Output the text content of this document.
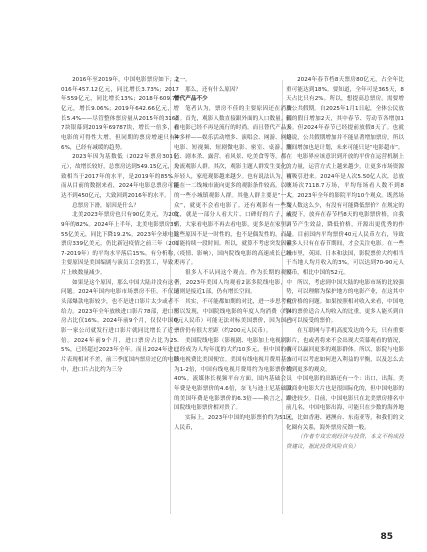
2016年至2019年，中国电影票房如下：2016年457.12亿元，同比增长3.73%；2017年559亿元，同比增长13%；2018年609.76亿元，增长9.06%；2019年642.66亿元，增长5.4%——尽管整体票房量从2015年的31627块银幕到2019年69787块，增长一倍多，看电影的可得性大增，但同期的票房增速只有46%，已经有减缓的趋势。

2023年因为基数低（2022年票房301亿元），故增长较好，总票房达到549.15亿元，大致相当于2017年的水平，是2019年的85%。而从目前的数据来看，2024年电影总票房可能达不到450亿元，大致回到2016年的水平。

总票房下滑，原因是什么？

北美2023年票房也只有90亿美元，为2019年的82%。2024年上半年，北美电影票房35.55亿美元，同比下降19.2%。2023年全球电影票房339亿美元，仍比新冠疫情之前三年（2017-2019年）的平均水平落后15%。有分析称，主要原因是美国编剧与演员工会的罢工，导致大片上映数量减少。

如果是这个原因，那么中国大陆并没有这个问题。2024年国内电影市场票房不佳，不仅是头部爆款电影较少，也不是进口影片太少或者不给力。2023年全年放映进口影片78部，进口票房占比仅16%。2024年前9个月，仅仅中国电影一家公司就发行进口影片就同比增长了近一倍。2024年前9个月，进口票房占比为25.5%，已经超过2023年全年。而且2024年进口片表现相对不差，前三季度国内票房过亿的电影中，进口片占比约为三分

之一。

那么，还有什么原因？

替代产品不少

笔者认为，票房不佳的主要原因还在消费者。首先，观影人数直接跟外面的人口数量。而看电影已经不再是流行的时尚。而且替代产品多种多样——娱乐活动增多、演唱会、网游、网络电影、短视频、短剧微电影、密室、桌游、旅行、剧本杀、露营、看风景、吃美食等等，都在分流观影人群。其次，观影主题人群发生变化，年轻人，家庭观影越来越少。也有说法认为，可能在一二线城市流向更多的观影条件较高，以下的一些小城镇观影人群。其他人群主要是“一大众”，就更不会看电影了。还有观影有一些变化，就是一部分人看大片、口碑好的片子，或者，大家看电影不再去看电影，更多是在家里。这些原因不是一时性的，也不是偶发性的，而是可能持续一段时间。所以，就算不考虑突发因素（疫情、影响），国内院线电影的高速成长已经不再了。

很多人不认同这个观点。作为长期的观察者，2023年美国人均观看2部多院线电影，中国则是接近1部，仍有增长空间。

其实，不可能都如期的对比，进一步思考就可以发现，中国院线电影的年度人均消费（约40元人民币）可能无法对标美国票价，因为国内票价仍有很大差距（约200元人民币）。

美国院线电影（影视剧、电影加上电视剧）已经成为人均年度的大约10多元，但中国的有线电视费比美国便宜。美国有线电视月费用基本为1-2倍，中国有线电视月费用约为电影票价的40%。流媒体长视频平台方面，国内基础会员年费是电影票价的4.6倍，奈飞与迪士尼基础款的美国年费是电影票价的6.3倍——换言之，中国院线电影票价相对贵了。

实际上，2023年中国的电影票价约为51元人民币，

2024年春节档8天票房80亿元，占全年比重可能达到18%。要知道，全年可是365天，8天占比只有2%。所以，想提高总票房，需要增加公共假期。自2025年1月1日起，全体公民放假的假日增加2天，其中春节、劳动节各增加1天。但2024年春节已经提前放假8天了。也就是说，公共假期增加并不能显著增加票房，所以期间增加也是计划，未来可能只是“电影超市”。

电影界应该意识到开放的平价在运营机制上的力量，运营方式上越来越少，让更多市场资源被吸引进来。2024年是人次5.50亿人次，总放映场次7118.7万场，平均每场看人数不到8人。2023年全年的影院平均10个观众。既然场均人数这么少，有没有可能降低票价？在规定的前提下，放弃在春节档8天的电影票价格，自我调节产生效益，降低价格，开源出更优秀的作品。目前国内平均票价40元人民币左右，导致很多人只有在春节期间，才会关注电影。在一些城市里，英国、日本和法国，影院票价大约相当于当地人均月收入的3%，可以达到70-90元人民币，相比中国的52元。

所以，考虑到中国大陆的电影市场的比较强势，可以理解为保护地方的电影产业，在这其中有价格的问题。如果按照相对收入来看，中国电影的票价适合人均收入的比重，更多人能买到自己可以接受的票价。

在互联网与手机高度发达的今天，只有重要影片，也或者将来不会出现大荧幕观看的情况，就可以赢回更多的观影群体。所以，影院与电影公司可以考虑如何进入利益的平衡，以及怎么去找到更多的观众。

中国电影的出路还有一个：出口，出海。美国商业电影大片也是很国际化的，但中国电影的跟进较少。目前，中国电影只在北美票房排名中前几名，中国电影出海，可能只在少数的海外地区，比如香港、港澳台、东南亚等，和我们的文化圈有关系，海外票房反馈一般。

（作者专攻宏观经济与投资，本文不构成投资建议，据此投资风险自负）

85
